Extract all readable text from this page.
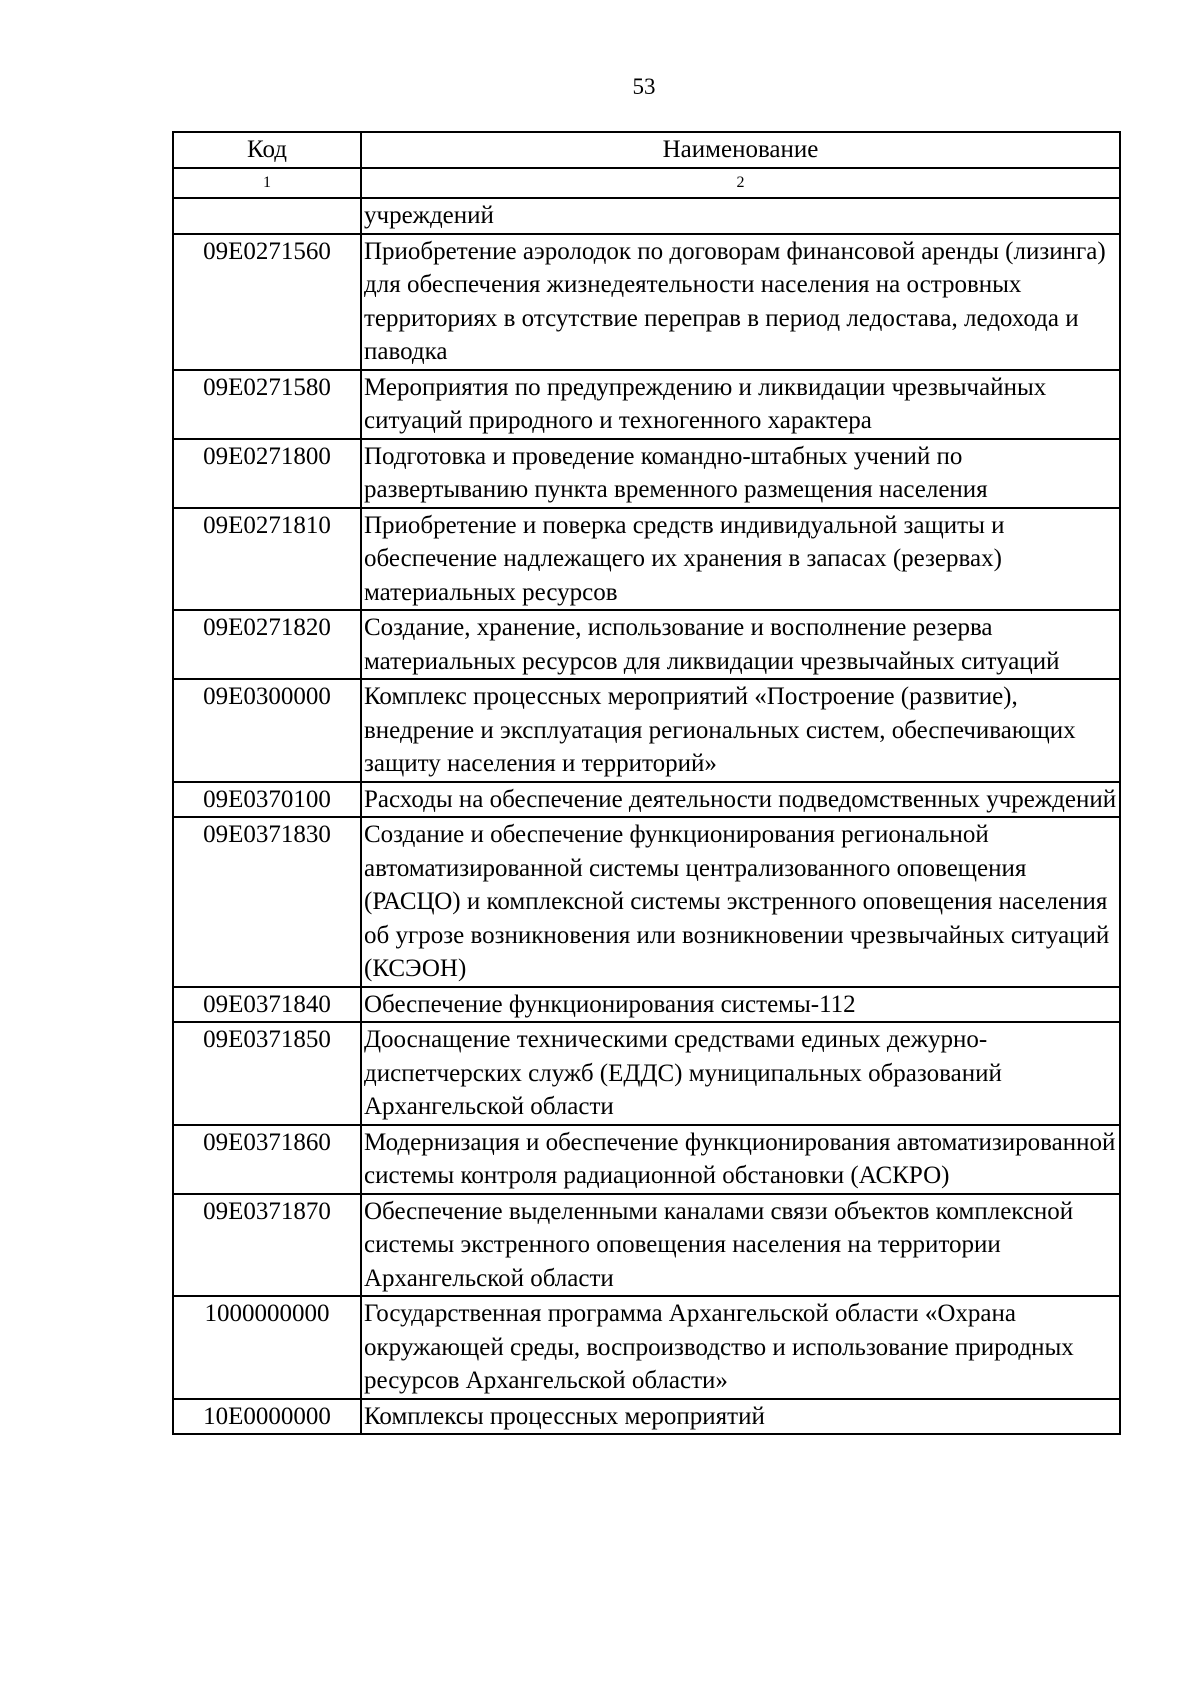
53
Код	Наименование
1	2
	учреждений
09Е0271560	Приобретение аэролодок по договорам финансовой аренды (лизинга) для обеспечения жизнедеятельности населения на островных территориях в отсутствие переправ в период ледостава, ледохода и паводка
09Е0271580	Мероприятия по предупреждению и ликвидации чрезвычайных ситуаций природного и техногенного характера
09Е0271800	Подготовка и проведение командно-штабных учений по развертыванию пункта временного размещения населения
09Е0271810	Приобретение и поверка средств индивидуальной защиты и обеспечение надлежащего их хранения в запасах (резервах) материальных ресурсов
09Е0271820	Создание, хранение, использование и восполнение резерва материальных ресурсов для ликвидации чрезвычайных ситуаций
09Е0300000	Комплекс процессных мероприятий «Построение (развитие), внедрение и эксплуатация региональных систем, обеспечивающих защиту населения и территорий»
09Е0370100	Расходы на обеспечение деятельности подведомственных учреждений
09Е0371830	Создание и обеспечение функционирования региональной автоматизированной системы централизованного оповещения (РАСЦО) и комплексной системы экстренного оповещения населения об угрозе возникновения или возникновении чрезвычайных ситуаций (КСЭОН)
09Е0371840	Обеспечение функционирования системы-112
09Е0371850	Дооснащение техническими средствами единых дежурно-диспетчерских служб (ЕДДС) муниципальных образований Архангельской области
09Е0371860	Модернизация и обеспечение функционирования автоматизированной системы контроля радиационной обстановки (АСКРО)
09Е0371870	Обеспечение выделенными каналами связи объектов комплексной системы экстренного оповещения населения на территории Архангельской области
1000000000	Государственная программа Архангельской области «Охрана окружающей среды, воспроизводство и использование природных ресурсов Архангельской области»
10Е0000000	Комплексы процессных мероприятий
